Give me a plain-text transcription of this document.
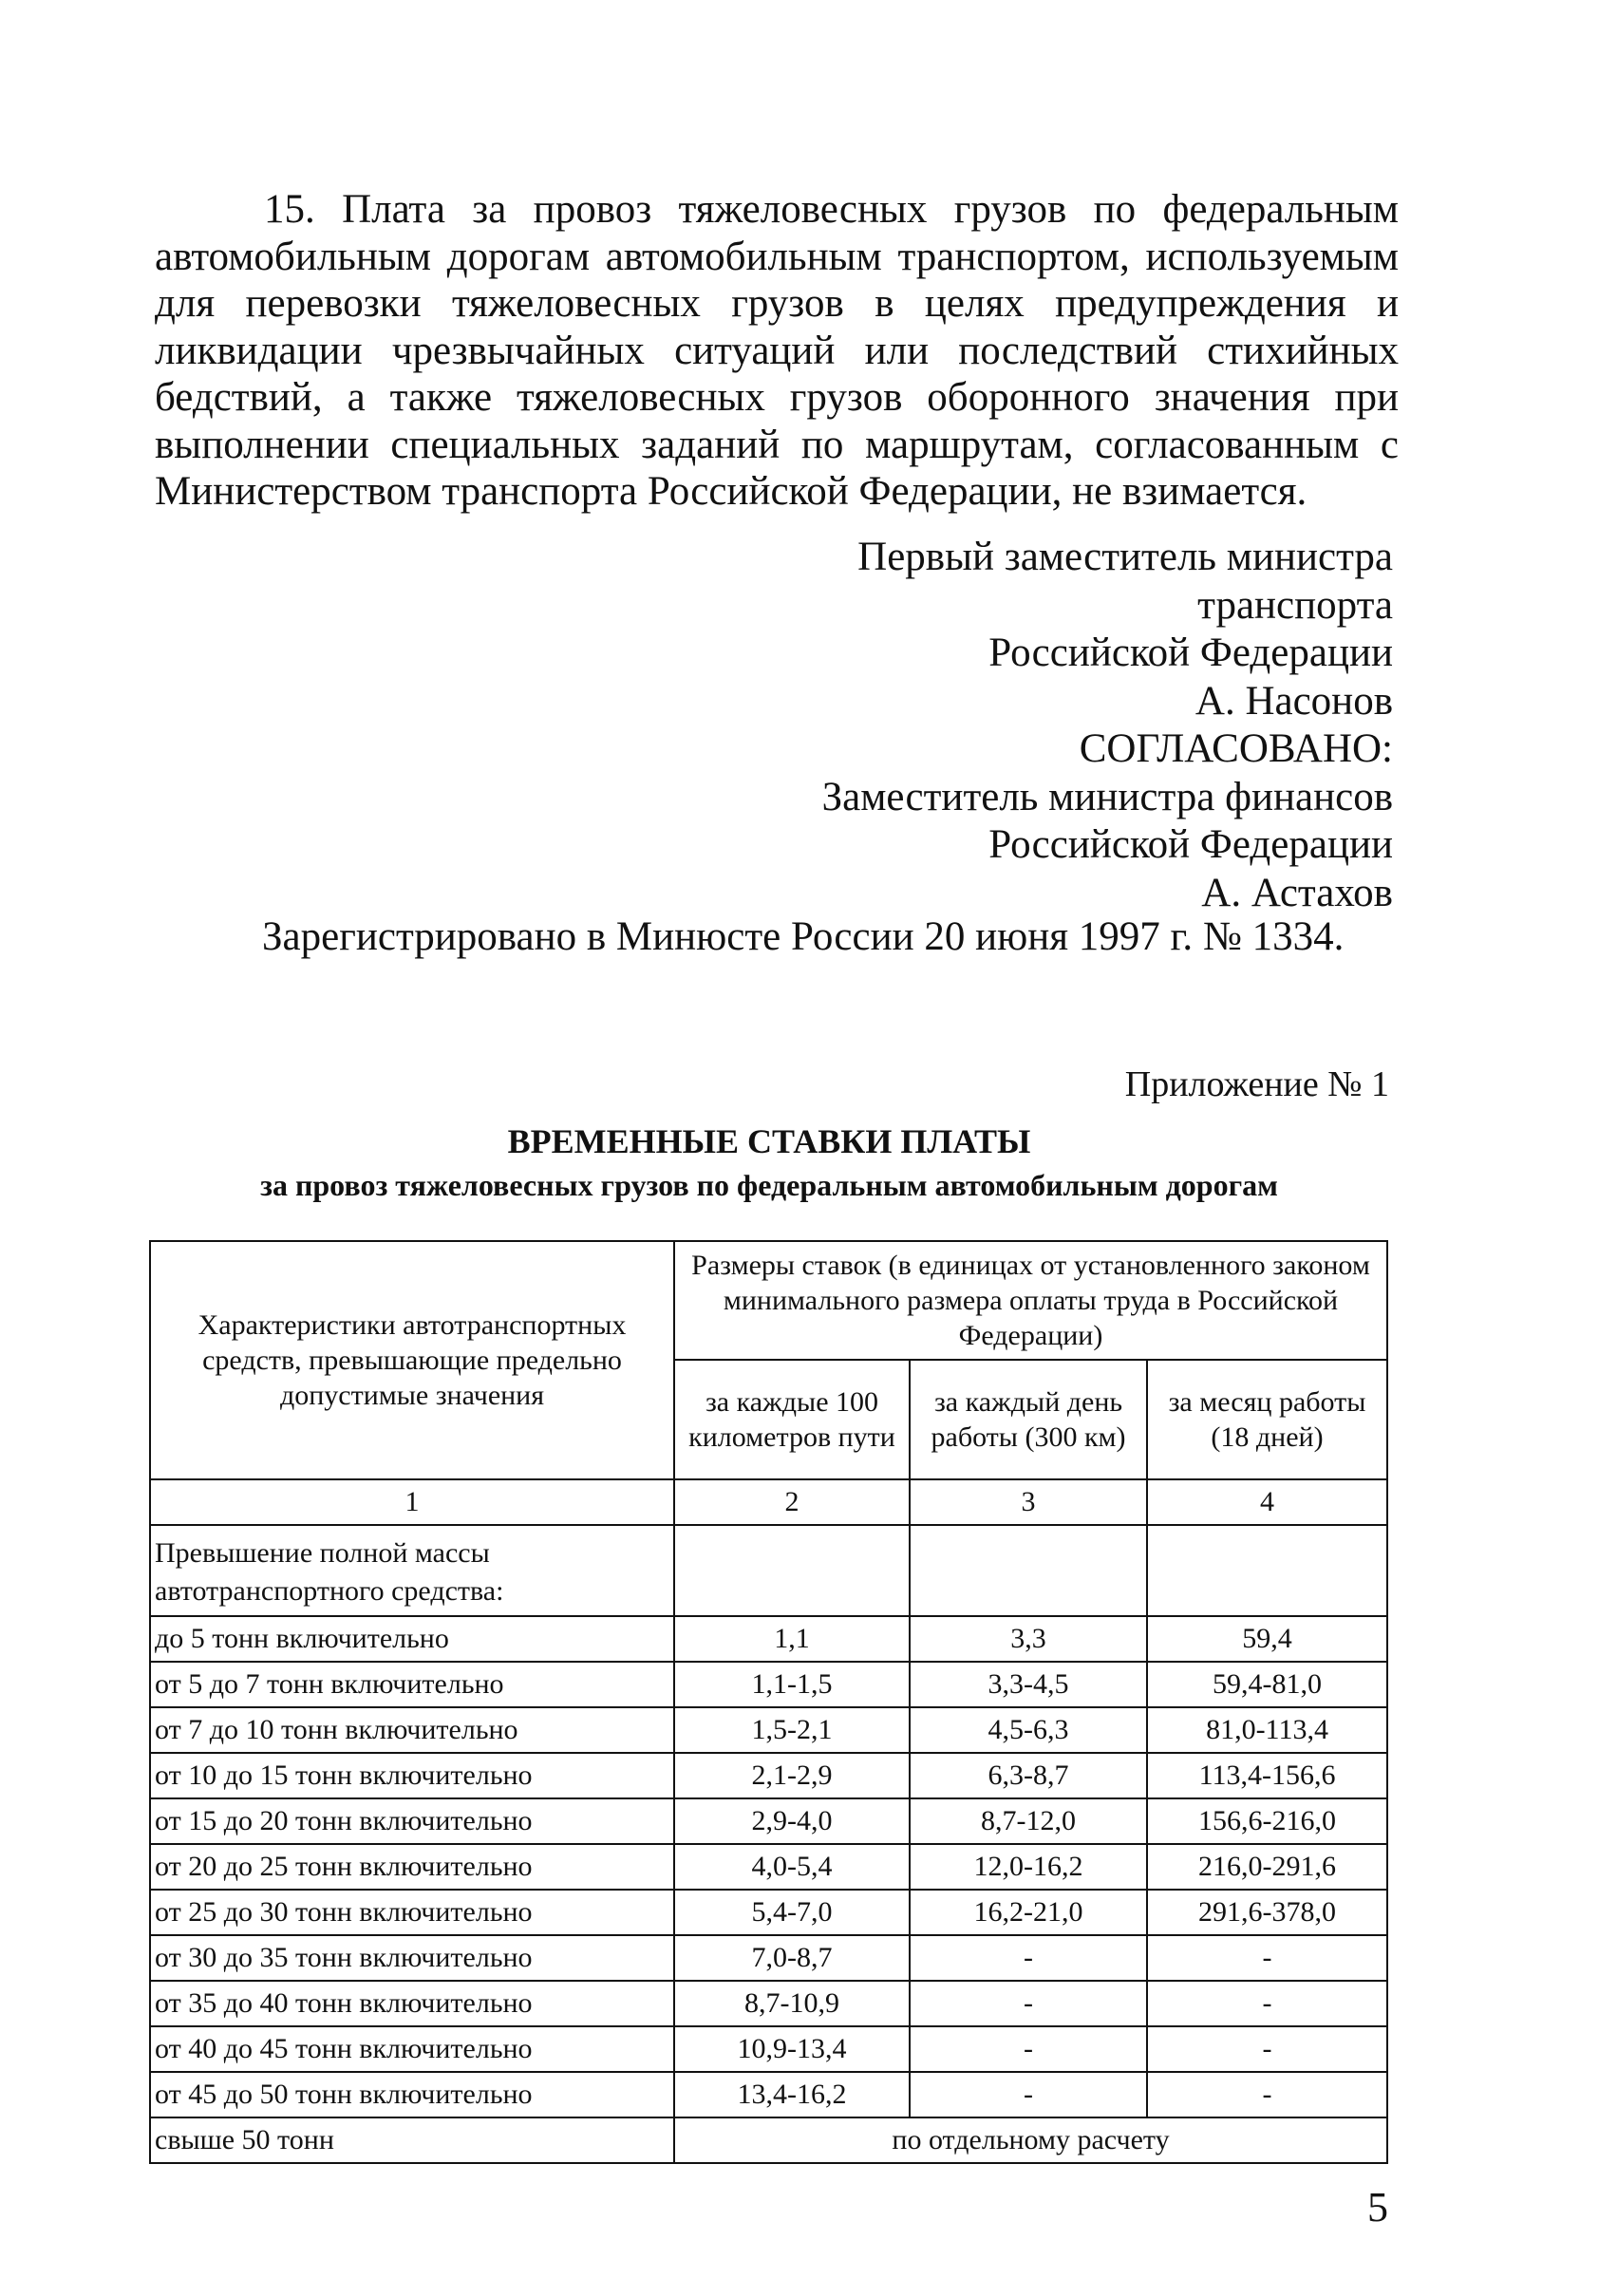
15. Плата за провоз тяжеловесных грузов по федеральным автомобильным дорогам автомобильным транспортом, используемым для перевозки тяжеловесных грузов в целях предупреждения и ликвидации чрезвычайных ситуаций или последствий стихийных бедствий, а также тяжеловесных грузов оборонного значения при выполнении специальных заданий по маршрутам, согласованным с Министерством транспорта Российской Федерации, не взимается.

Первый заместитель министра
транспорта
Российской Федерации
А. Насонов
СОГЛАСОВАНО:
Заместитель министра финансов
Российской Федерации
А. Астахов
Зарегистрировано в Минюсте России 20 июня 1997 г. № 1334.
Приложение № 1
ВРЕМЕННЫЕ СТАВКИ ПЛАТЫ
за провоз тяжеловесных грузов по федеральным автомобильным дорогам
Характеристики автотранспортных средств, превышающие предельно допустимые значения	Размеры ставок (в единицах от установленного законом минимального размера оплаты труда в Российской Федерации)		
	за каждые 100 километров пути	за каждый день работы (300 км)	за месяц работы (18 дней)
1	2	3	4
Превышение полной массы автотранспортного средства:			
до 5 тонн включительно	1,1	3,3	59,4
от 5 до 7 тонн включительно	1,1-1,5	3,3-4,5	59,4-81,0
от 7 до 10 тонн включительно	1,5-2,1	4,5-6,3	81,0-113,4
от 10 до 15 тонн включительно	2,1-2,9	6,3-8,7	113,4-156,6
от 15 до 20 тонн включительно	2,9-4,0	8,7-12,0	156,6-216,0
от 20 до 25 тонн включительно	4,0-5,4	12,0-16,2	216,0-291,6
от 25 до 30 тонн включительно	5,4-7,0	16,2-21,0	291,6-378,0
от 30 до 35 тонн включительно	7,0-8,7	-	-
от 35 до 40 тонн включительно	8,7-10,9	-	-
от 40 до 45 тонн включительно	10,9-13,4	-	-
от 45 до 50 тонн включительно	13,4-16,2	-	-
свыше 50 тонн	по отдельному расчету		
5
